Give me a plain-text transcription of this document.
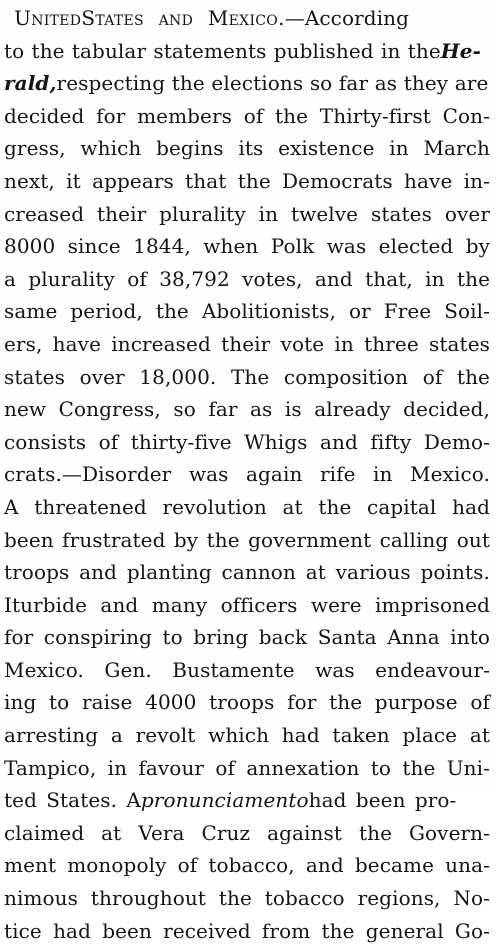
 UnitedStates and Mexico.—According
to the tabular statements published in theHe-
rald,respecting the elections so far as they are
decided for members of the Thirty-first Con-
gress, which begins its existence in March
next, it appears that the Democrats have in-
creased their plurality in twelve states over
8000 since 1844, when Polk was elected by
a plurality of 38,792 votes, and that, in the
same period, the Abolitionists, or Free Soil-
ers, have increased their vote in three states
states over 18,000. The composition of the
new Congress, so far as is already decided,
consists of thirty-five Whigs and fifty Demo-
crats.—Disorder was again rife in Mexico.
A threatened revolution at the capital had
been frustrated by the government calling out
troops and planting cannon at various points.
Iturbide and many officers were imprisoned
for conspiring to bring back Santa Anna into
Mexico. Gen. Bustamente was endeavour-
ing to raise 4000 troops for the purpose of
arresting a revolt which had taken place at
Tampico, in favour of annexation to the Uni-
ted States. Apronunciamentohad been pro-
claimed at Vera Cruz against the Govern-
ment monopoly of tobacco, and became una-
nimous throughout the tobacco regions, No-
tice had been received from the general Go-
